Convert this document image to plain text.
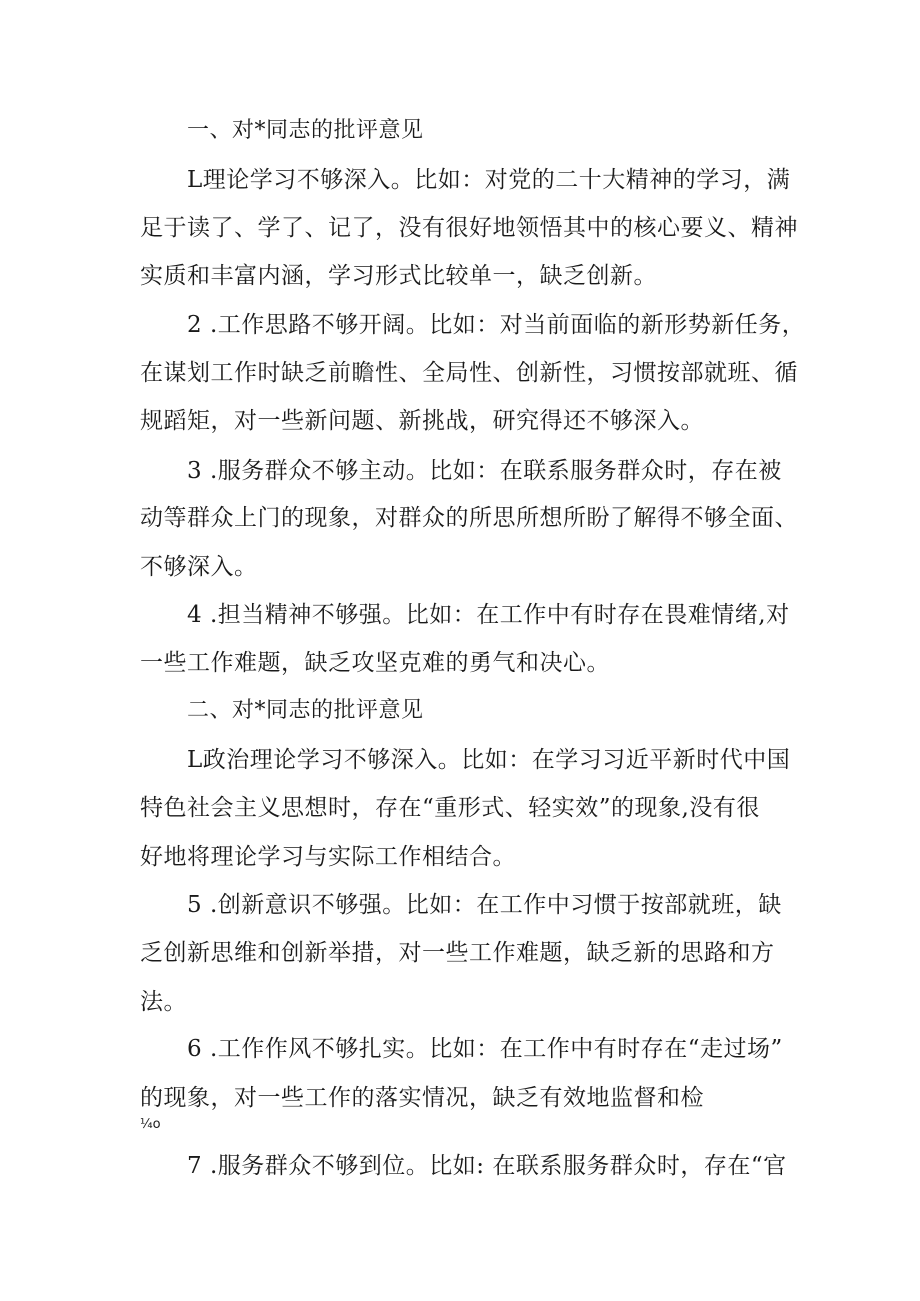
一、对*同志的批评意见
L理论学习不够深入。比如：对党的二十大精神的学习，满
足于读了、学了、记了，没有很好地领悟其中的核心要义、精神
实质和丰富内涵，学习形式比较单一，缺乏创新。
2 .工作思路不够开阔。比如：对当前面临的新形势新任务，
在谋划工作时缺乏前瞻性、全局性、创新性，习惯按部就班、循
规蹈矩，对一些新问题、新挑战，研究得还不够深入。
3 .服务群众不够主动。比如：在联系服务群众时，存在被
动等群众上门的现象，对群众的所思所想所盼了解得不够全面、
不够深入。
4 .担当精神不够强。比如：在工作中有时存在畏难情绪,对
一些工作难题，缺乏攻坚克难的勇气和决心。
二、对*同志的批评意见
L政治理论学习不够深入。比如：在学习习近平新时代中国
特色社会主义思想时，存在“重形式、轻实效”的现象,没有很
好地将理论学习与实际工作相结合。
5 .创新意识不够强。比如：在工作中习惯于按部就班，缺
乏创新思维和创新举措，对一些工作难题，缺乏新的思路和方
法。
6 .工作作风不够扎实。比如：在工作中有时存在“走过场”
的现象，对一些工作的落实情况，缺乏有效地监督和检
¼o
7 .服务群众不够到位。比如: 在联系服务群众时，存在“官
